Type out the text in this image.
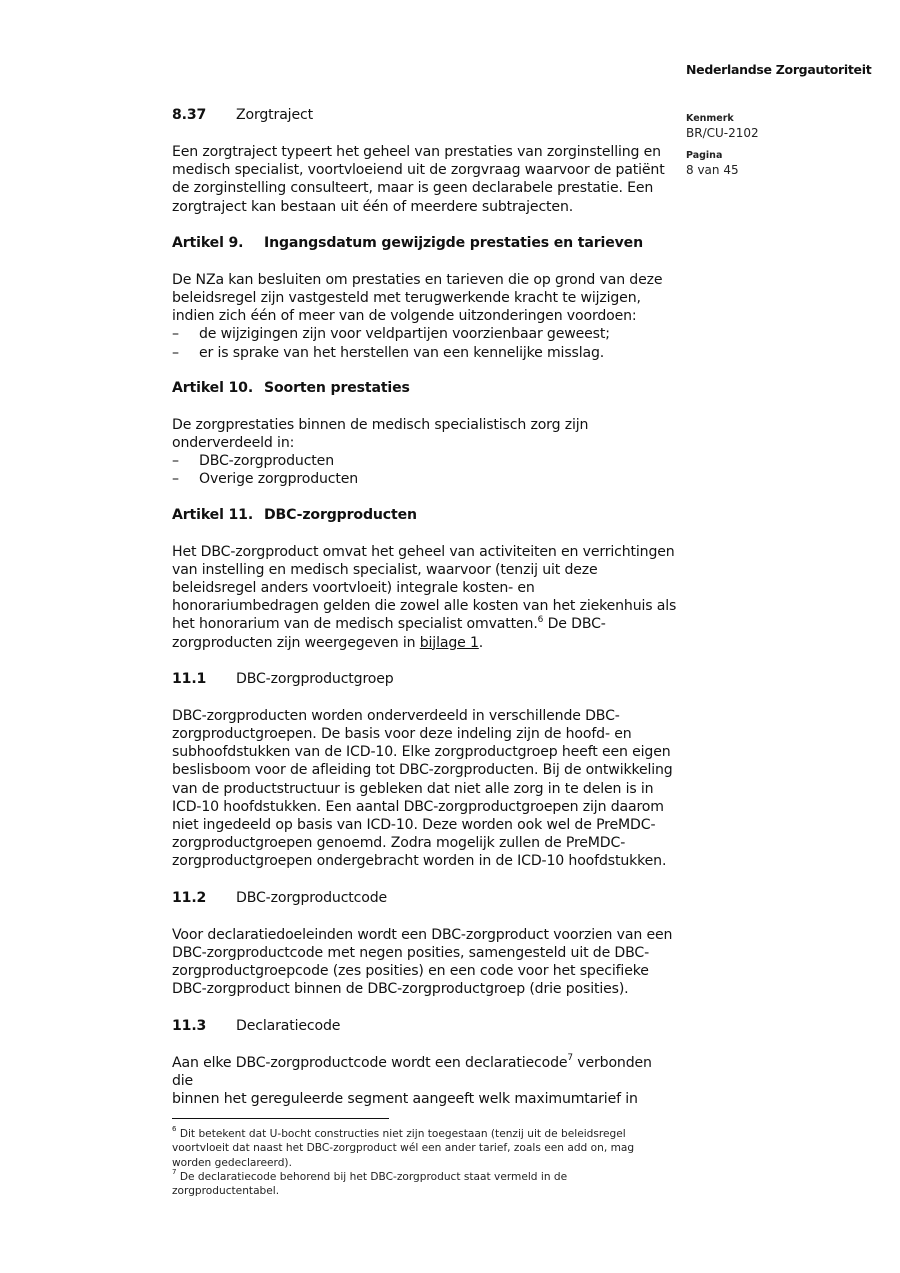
Nederlandse Zorgautoriteit
Kenmerk
BR/CU-2102
Pagina
8 van 45
8.37	Zorgtraject

Een zorgtraject typeert het geheel van prestaties van zorginstelling en
medisch specialist, voortvloeiend uit de zorgvraag waarvoor de patiënt
de zorginstelling consulteert, maar is geen declarabele prestatie. Een
zorgtraject kan bestaan uit één of meerdere subtrajecten.

Artikel 9. Ingangsdatum gewijzigde prestaties en tarieven

De NZa kan besluiten om prestaties en tarieven die op grond van deze
beleidsregel zijn vastgesteld met terugwerkende kracht te wijzigen,
indien zich één of meer van de volgende uitzonderingen voordoen:

–	de wijzigingen zijn voor veldpartijen voorzienbaar geweest;
–	er is sprake van het herstellen van een kennelijke misslag.
Artikel 10. Soorten prestaties

De zorgprestaties binnen de medisch specialistisch zorg zijn
onderverdeeld in:

–	DBC-zorgproducten
–	Overige zorgproducten
Artikel 11. DBC-zorgproducten

Het DBC-zorgproduct omvat het geheel van activiteiten en verrichtingen
van instelling en medisch specialist, waarvoor (tenzij uit deze
beleidsregel anders voortvloeit) integrale kosten- en
honorariumbedragen gelden die zowel alle kosten van het ziekenhuis als
het honorarium van de medisch specialist omvatten.$^6$ De DBC-
zorgproducten zijn weergegeven in bijlage 1.

11.1	DBC-zorgproductgroep

DBC-zorgproducten worden onderverdeeld in verschillende DBC-
zorgproductgroepen. De basis voor deze indeling zijn de hoofd- en
subhoofdstukken van de ICD-10. Elke zorgproductgroep heeft een eigen
beslisboom voor de afleiding tot DBC-zorgproducten. Bij de ontwikkeling
van de productstructuur is gebleken dat niet alle zorg in te delen is in
ICD-10 hoofdstukken. Een aantal DBC-zorgproductgroepen zijn daarom
niet ingedeeld op basis van ICD-10. Deze worden ook wel de PreMDC-
zorgproductgroepen genoemd. Zodra mogelijk zullen de PreMDC-
zorgproductgroepen ondergebracht worden in de ICD-10 hoofdstukken.

11.2	DBC-zorgproductcode

Voor declaratiedoeleinden wordt een DBC-zorgproduct voorzien van een
DBC-zorgproductcode met negen posities, samengesteld uit de DBC-
zorgproductgroepcode (zes posities) en een code voor het specifieke
DBC-zorgproduct binnen de DBC-zorgproductgroep (drie posities).

11.3	Declaratiecode

Aan elke DBC-zorgproductcode wordt een declaratiecode$^7$ verbonden die
binnen het gereguleerde segment aangeeft welk maximumtarief in

$^6$ Dit betekent dat U-bocht constructies niet zijn toegestaan (tenzij uit de beleidsregel
voortvloeit dat naast het DBC-zorgproduct wél een ander tarief, zoals een add on, mag
worden gedeclareerd).

$^7$ De declaratiecode behorend bij het DBC-zorgproduct staat vermeld in de
zorgproductentabel.
